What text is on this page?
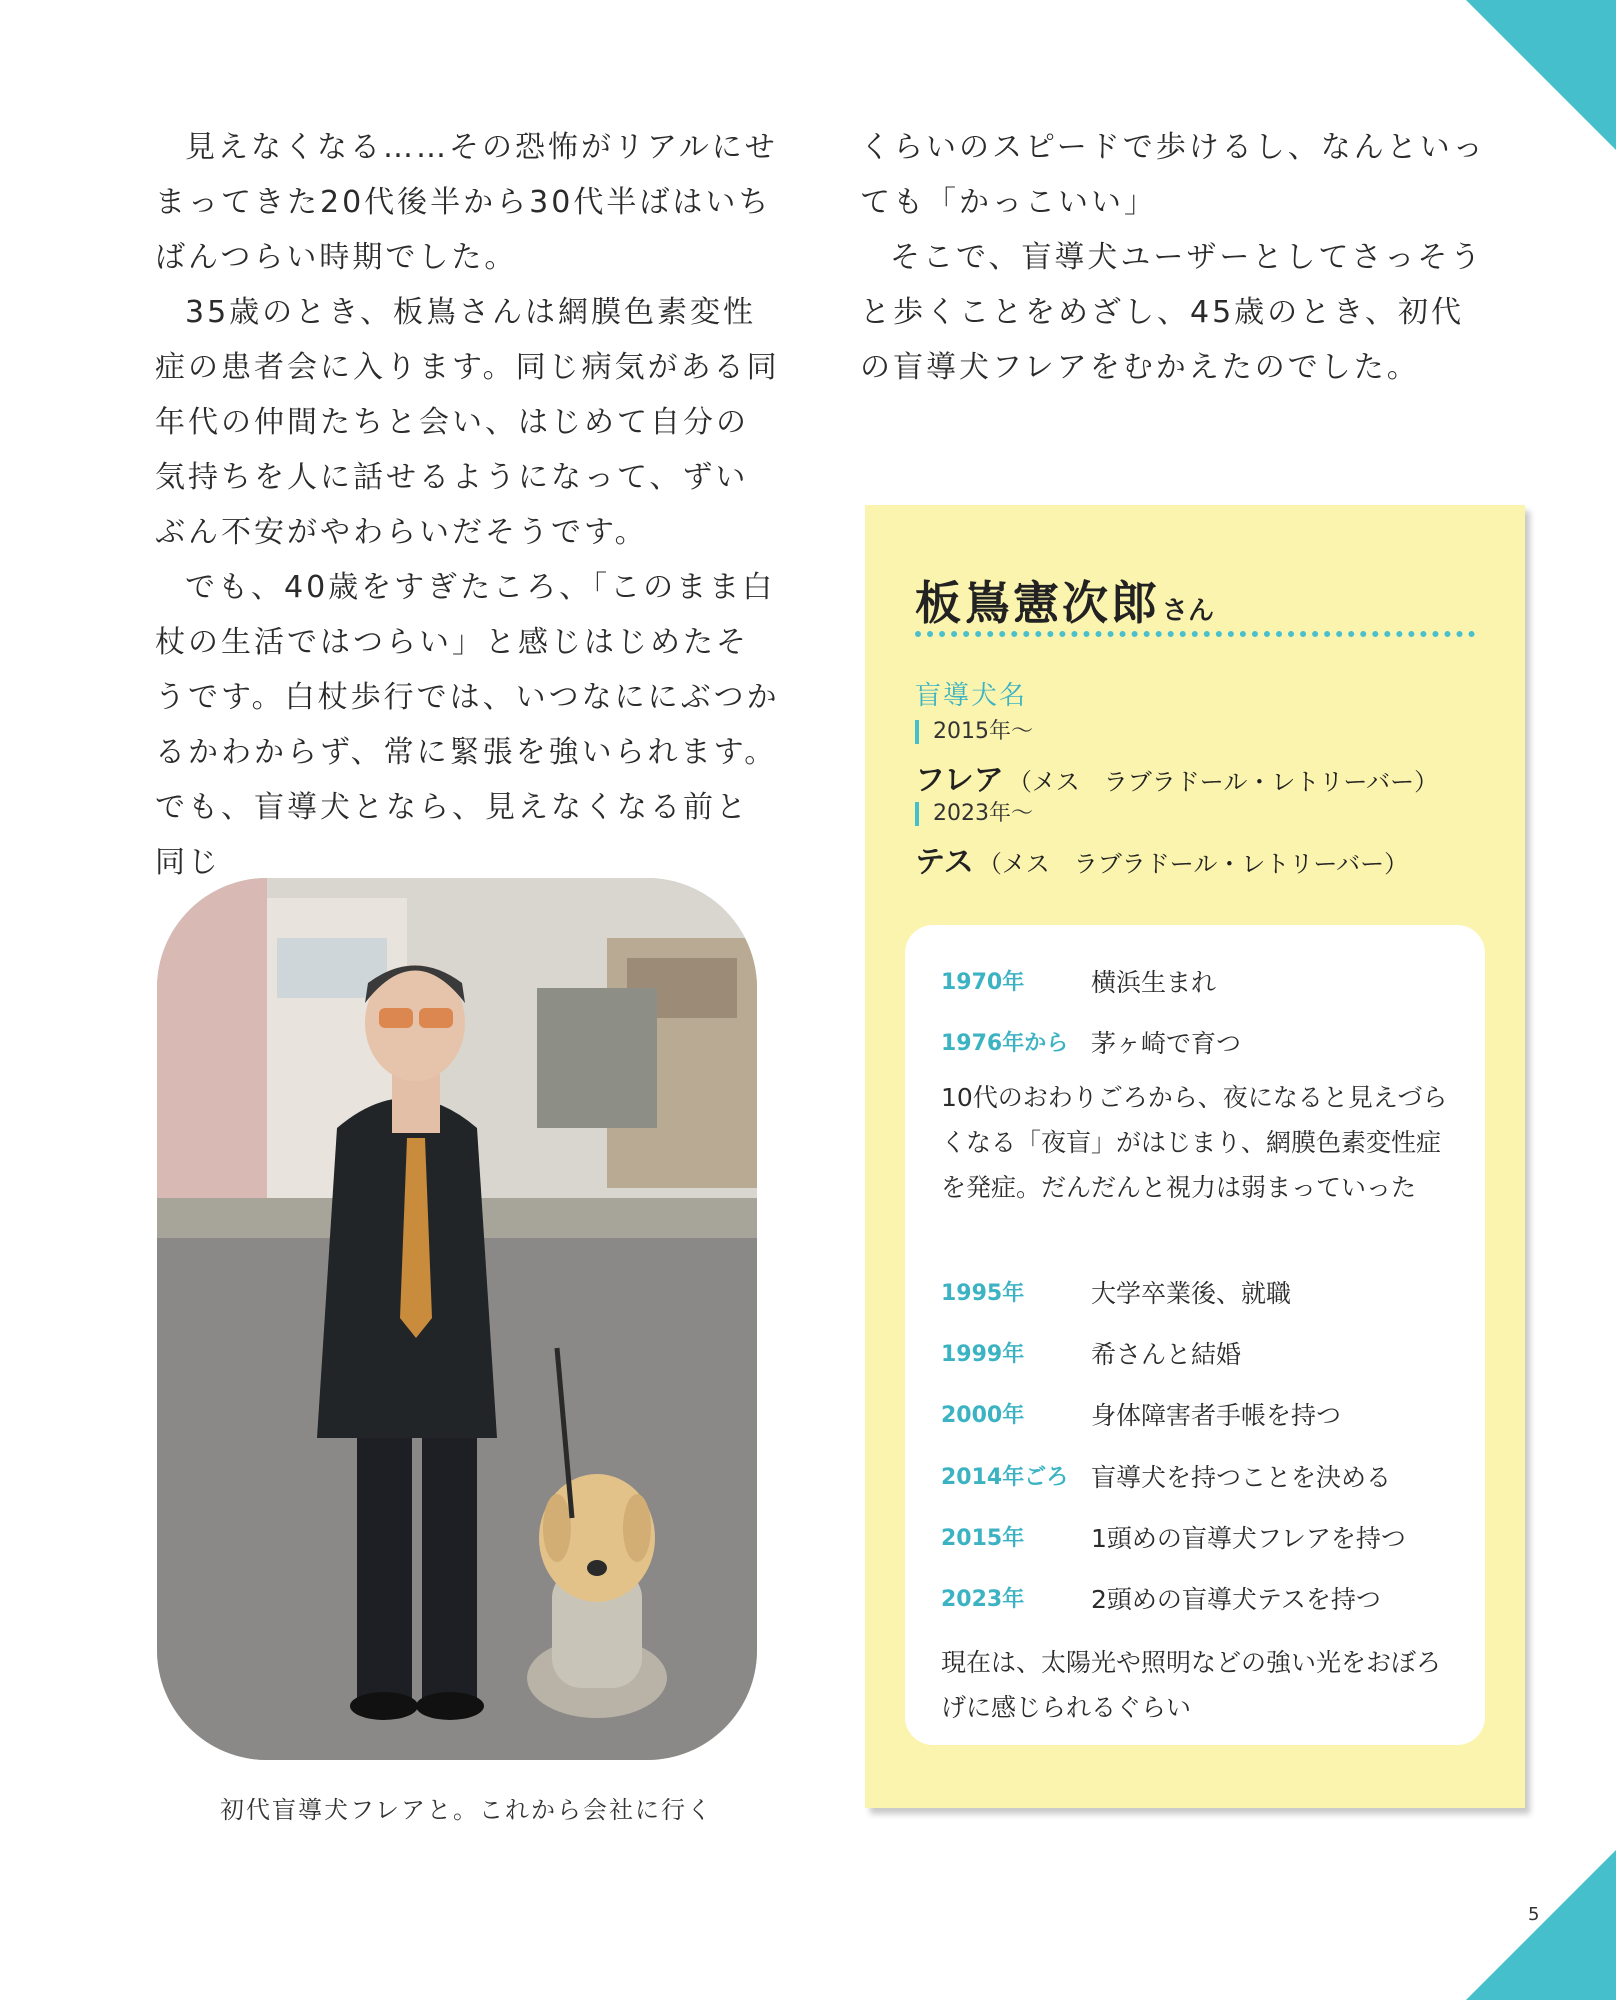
見えなくなる……その恐怖がリアルにせまってきた20代後半から30代半ばはいちばんつらい時期でした。

35歳のとき、板嶌さんは網膜色素変性症の患者会に入ります。同じ病気がある同年代の仲間たちと会い、はじめて自分の気持ちを人に話せるようになって、ずいぶん不安がやわらいだそうです。

でも、40歳をすぎたころ、「このまま白杖の生活ではつらい」と感じはじめたそうです。白杖歩行では、いつなににぶつかるかわからず、常に緊張を強いられます。でも、盲導犬となら、見えなくなる前と同じ

くらいのスピードで歩けるし、なんといっても「かっこいい」

そこで、盲導犬ユーザーとしてさっそうと歩くことをめざし、45歳のとき、初代の盲導犬フレアをむかえたのでした。

初代盲導犬フレアと。これから会社に行く
板嶌憲次郎さん
盲導犬名
2015年～
フレア （メス　ラブラドール・レトリーバー）
2023年～
テス （メス　ラブラドール・レトリーバー）
1970年	横浜生まれ
1976年から 茅ヶ崎で育つ
10代のおわりごろから、夜になると見えづらくなる「夜盲」がはじまり、網膜色素変性症を発症。だんだんと視力は弱まっていった
1995年	大学卒業後、就職
1999年	希さんと結婚
2000年	身体障害者手帳を持つ
2014年ごろ 盲導犬を持つことを決める
2015年	1頭めの盲導犬フレアを持つ
2023年	2頭めの盲導犬テスを持つ
現在は、太陽光や照明などの強い光をおぼろげに感じられるぐらい
5
